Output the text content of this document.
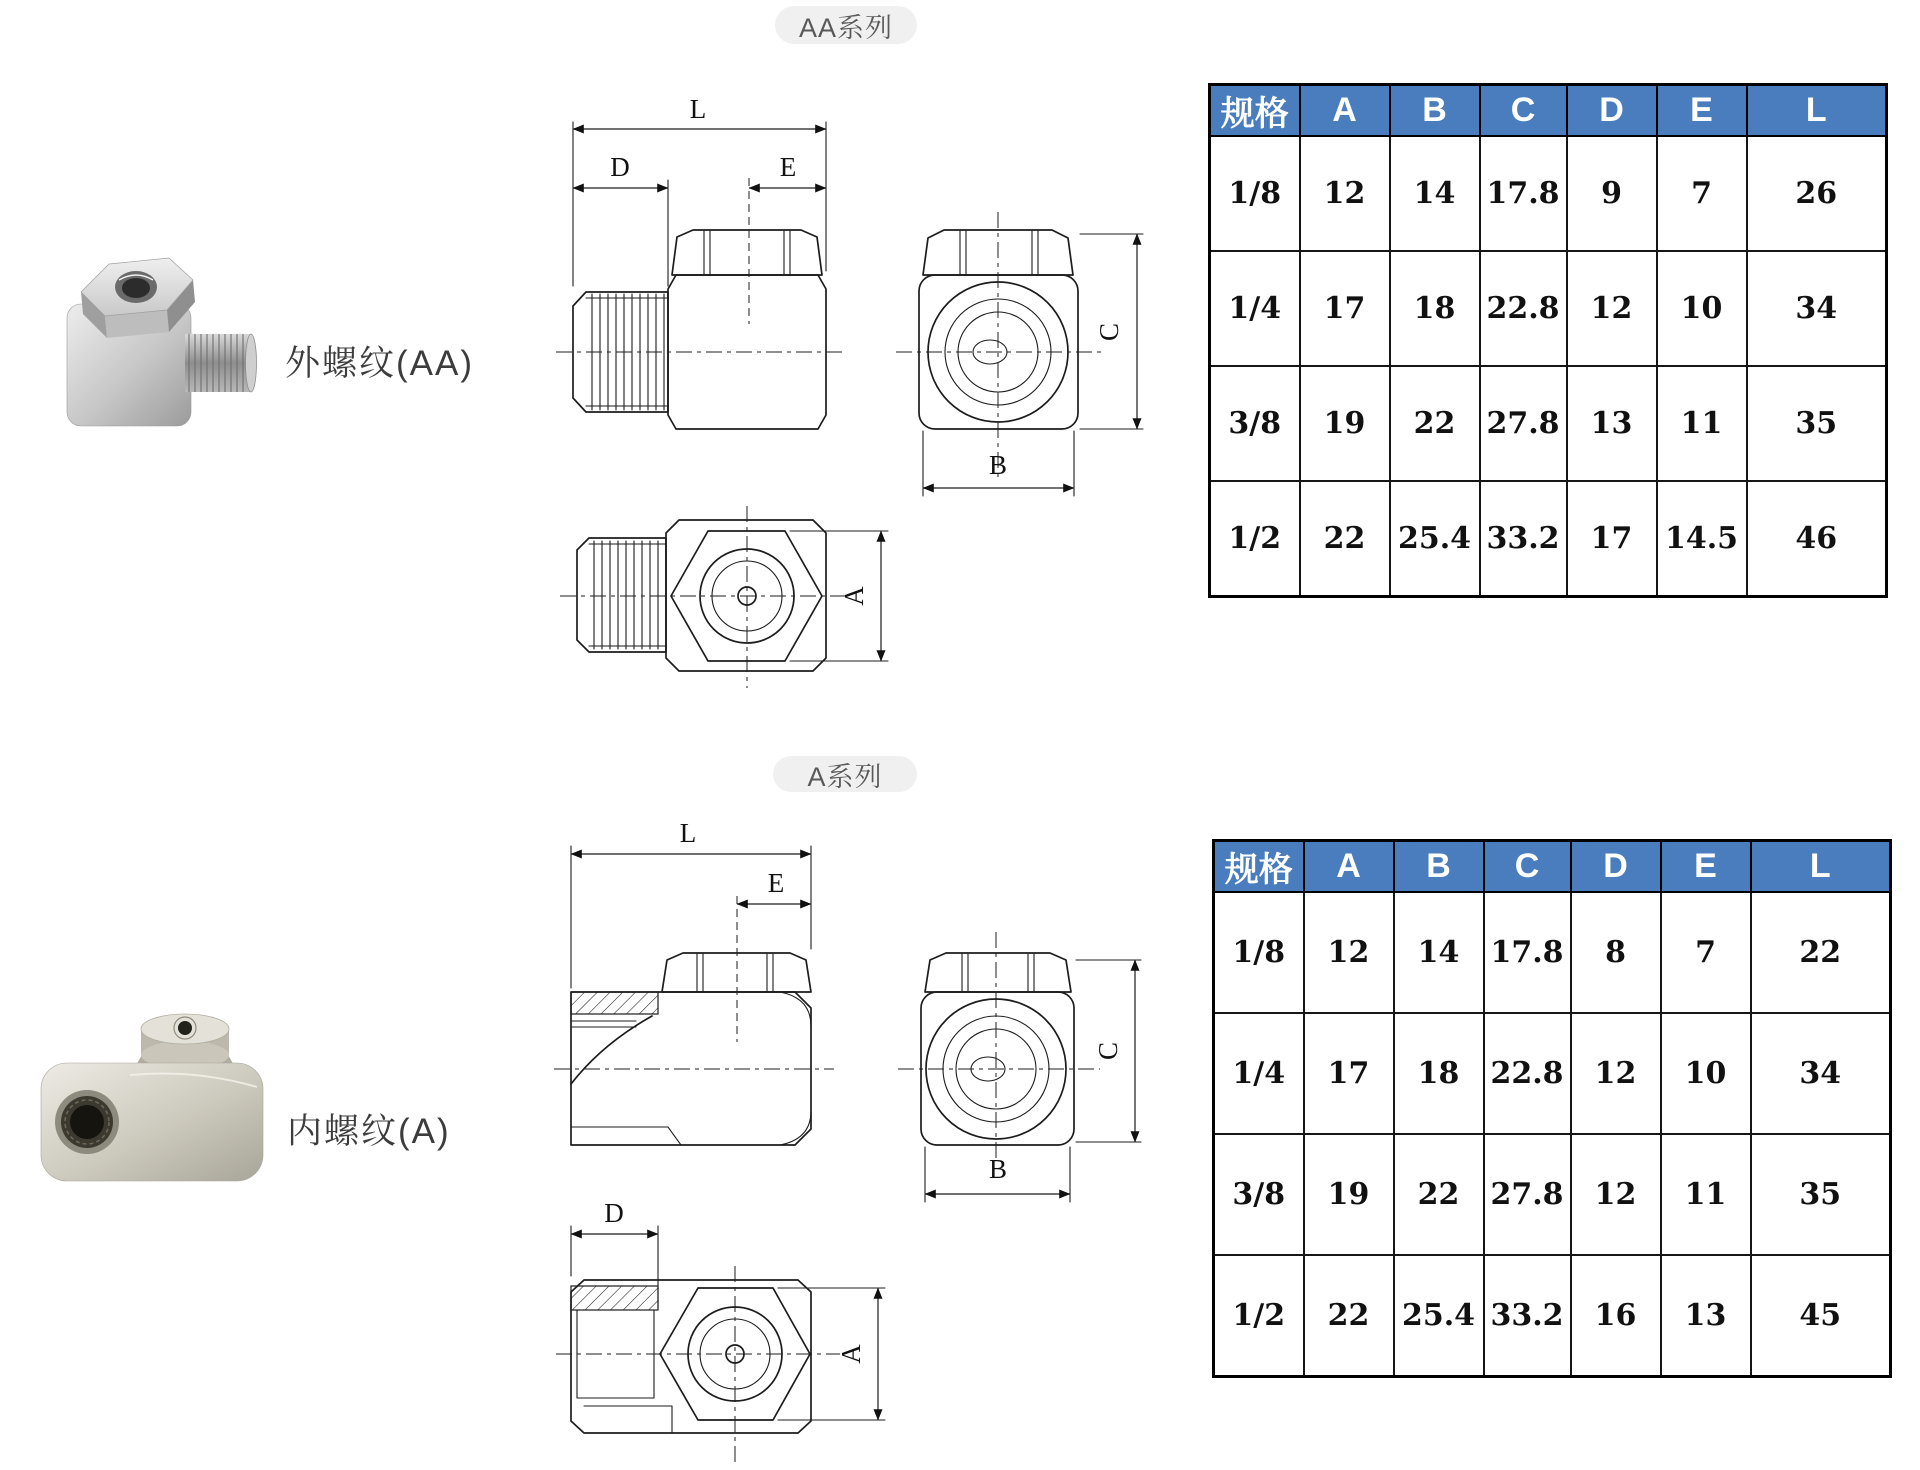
AA系列
外螺纹(AA)
L
D	E
C
B
A
规格	A	B	C	D	E	L
1/8	12	14	17.8	9	7	26
1/4	17	18	22.8	12	10	34
3/8	19	22	27.8	13	11	35
1/2	22	25.4	33.2	17	14.5	46
A系列
内螺纹(A)
L
E
C
B
D
A
规格	A	B	C	D	E	L
1/8	12	14	17.8	8	7	22
1/4	17	18	22.8	12	10	34
3/8	19	22	27.8	12	11	35
1/2	22	25.4	33.2	16	13	45
